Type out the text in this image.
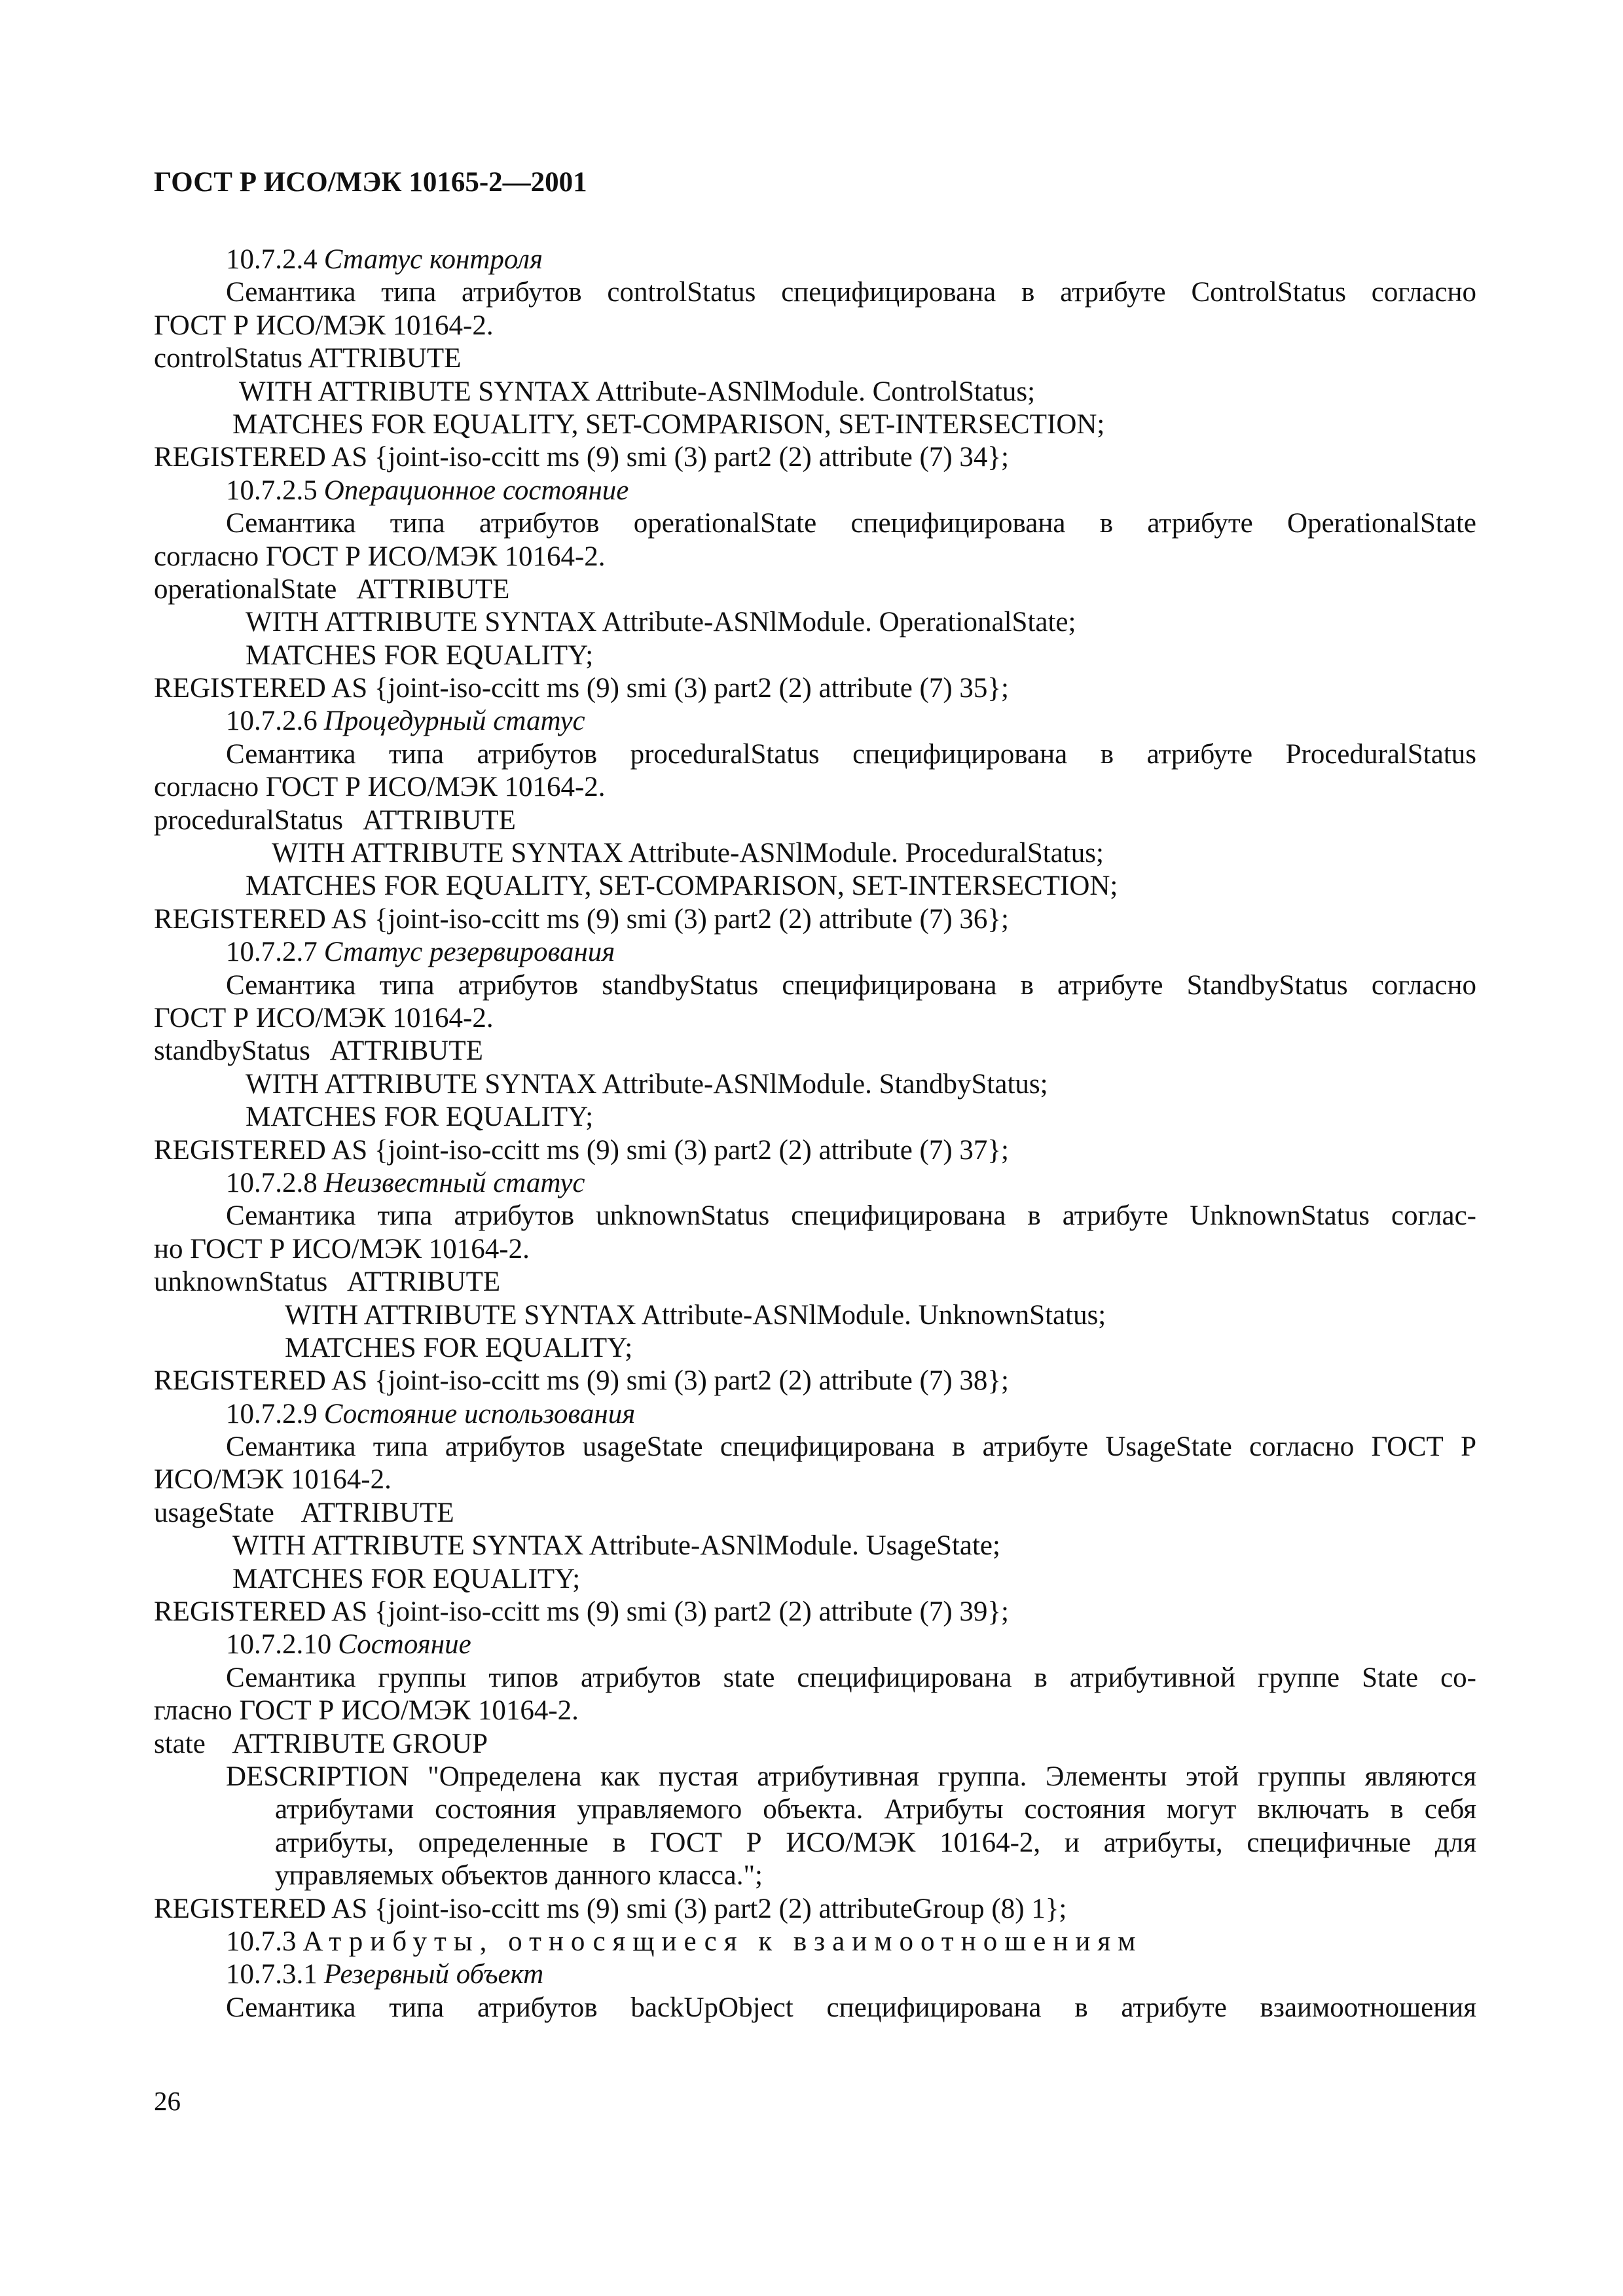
ГОСТ Р ИСО/МЭК 10165-2—2001
10.7.2.4 Статус контроля
Семантика типа атрибутов controlStatus специфицирована в атрибуте ControlStatus согласно
ГОСТ Р ИСО/МЭК 10164-2.
controlStatus ATTRIBUTE
WITH ATTRIBUTE SYNTAX Attribute-ASNlModule. ControlStatus;
MATCHES FOR EQUALITY, SET-COMPARISON, SET-INTERSECTION;
REGISTERED AS {joint-iso-ccitt ms (9) smi (3) part2 (2) attribute (7) 34};
10.7.2.5 Операционное состояние
Семантика типа атрибутов operationalState специфицирована в атрибуте OperationalState
согласно ГОСТ Р ИСО/МЭК 10164-2.
operationalState   ATTRIBUTE
WITH ATTRIBUTE SYNTAX Attribute-ASNlModule. OperationalState;
MATCHES FOR EQUALITY;
REGISTERED AS {joint-iso-ccitt ms (9) smi (3) part2 (2) attribute (7) 35};
10.7.2.6 Процедурный статус
Семантика типа атрибутов proceduralStatus специфицирована в атрибуте ProceduralStatus
согласно ГОСТ Р ИСО/МЭК 10164-2.
proceduralStatus   ATTRIBUTE
WITH ATTRIBUTE SYNTAX Attribute-ASNlModule. ProceduralStatus;
MATCHES FOR EQUALITY, SET-COMPARISON, SET-INTERSECTION;
REGISTERED AS {joint-iso-ccitt ms (9) smi (3) part2 (2) attribute (7) 36};
10.7.2.7 Статус резервирования
Семантика типа атрибутов standbyStatus специфицирована в атрибуте StandbyStatus согласно
ГОСТ Р ИСО/МЭК 10164-2.
standbyStatus   ATTRIBUTE
WITH ATTRIBUTE SYNTAX Attribute-ASNlModule. StandbyStatus;
MATCHES FOR EQUALITY;
REGISTERED AS {joint-iso-ccitt ms (9) smi (3) part2 (2) attribute (7) 37};
10.7.2.8 Неизвестный статус
Семантика типа атрибутов unknownStatus специфицирована в атрибуте UnknownStatus соглас-
но ГОСТ Р ИСО/МЭК 10164-2.
unknownStatus   ATTRIBUTE
WITH ATTRIBUTE SYNTAX Attribute-ASNlModule. UnknownStatus;
MATCHES FOR EQUALITY;
REGISTERED AS {joint-iso-ccitt ms (9) smi (3) part2 (2) attribute (7) 38};
10.7.2.9 Состояние использования
Семантика типа атрибутов usageState специфицирована в атрибуте UsageState согласно ГОСТ Р
ИСО/МЭК 10164-2.
usageState    ATTRIBUTE
WITH ATTRIBUTE SYNTAX Attribute-ASNlModule. UsageState;
MATCHES FOR EQUALITY;
REGISTERED AS {joint-iso-ccitt ms (9) smi (3) part2 (2) attribute (7) 39};
10.7.2.10 Состояние
Семантика группы типов атрибутов state специфицирована в атрибутивной группе State со-
гласно ГОСТ Р ИСО/МЭК 10164-2.
state    ATTRIBUTE GROUP
DESCRIPTION "Определена как пустая атрибутивная группа. Элементы этой группы являются
атрибутами состояния управляемого объекта. Атрибуты состояния могут включать в себя
атрибуты, определенные в ГОСТ Р ИСО/МЭК 10164-2, и атрибуты, специфичные для
управляемых объектов данного класса.";
REGISTERED AS {joint-iso-ccitt ms (9) smi (3) part2 (2) attributeGroup (8) 1};
10.7.3 Атрибуты, относящиеся к взаимоотношениям
10.7.3.1 Резервный объект
Семантика типа атрибутов backUpObject специфицирована в атрибуте взаимоотношения
26
